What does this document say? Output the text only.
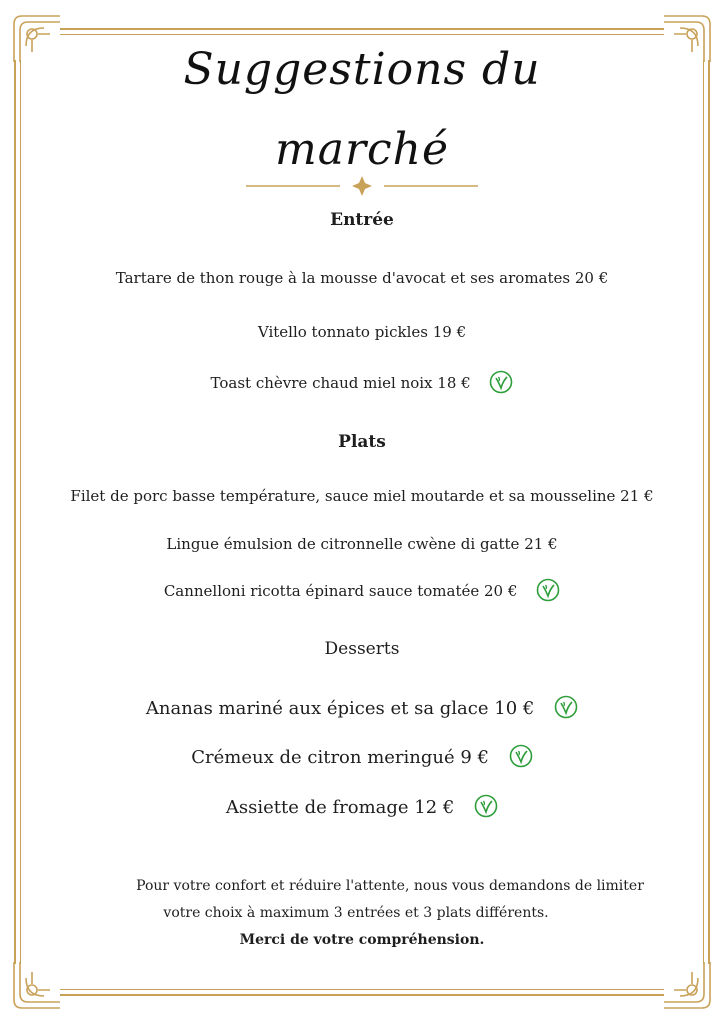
Suggestions du
marché
Entrée
Tartare de thon rouge à la mousse d'avocat et ses aromates 20 €
Vitello tonnato pickles 19 €
Toast chèvre chaud miel noix 18 €
Plats
Filet de porc basse température, sauce miel moutarde et sa mousseline 21 €
Lingue émulsion de citronnelle cwène di gatte 21 €
Cannelloni ricotta épinard sauce tomatée 20 €
Desserts
Ananas mariné aux épices et sa glace 10 €
Crémeux de citron meringué 9 €
Assiette de fromage 12 €
Pour votre confort et réduire l'attente, nous vous demandons de limiter
votre choix à maximum 3 entrées et 3 plats différents.
Merci de votre compréhension.
